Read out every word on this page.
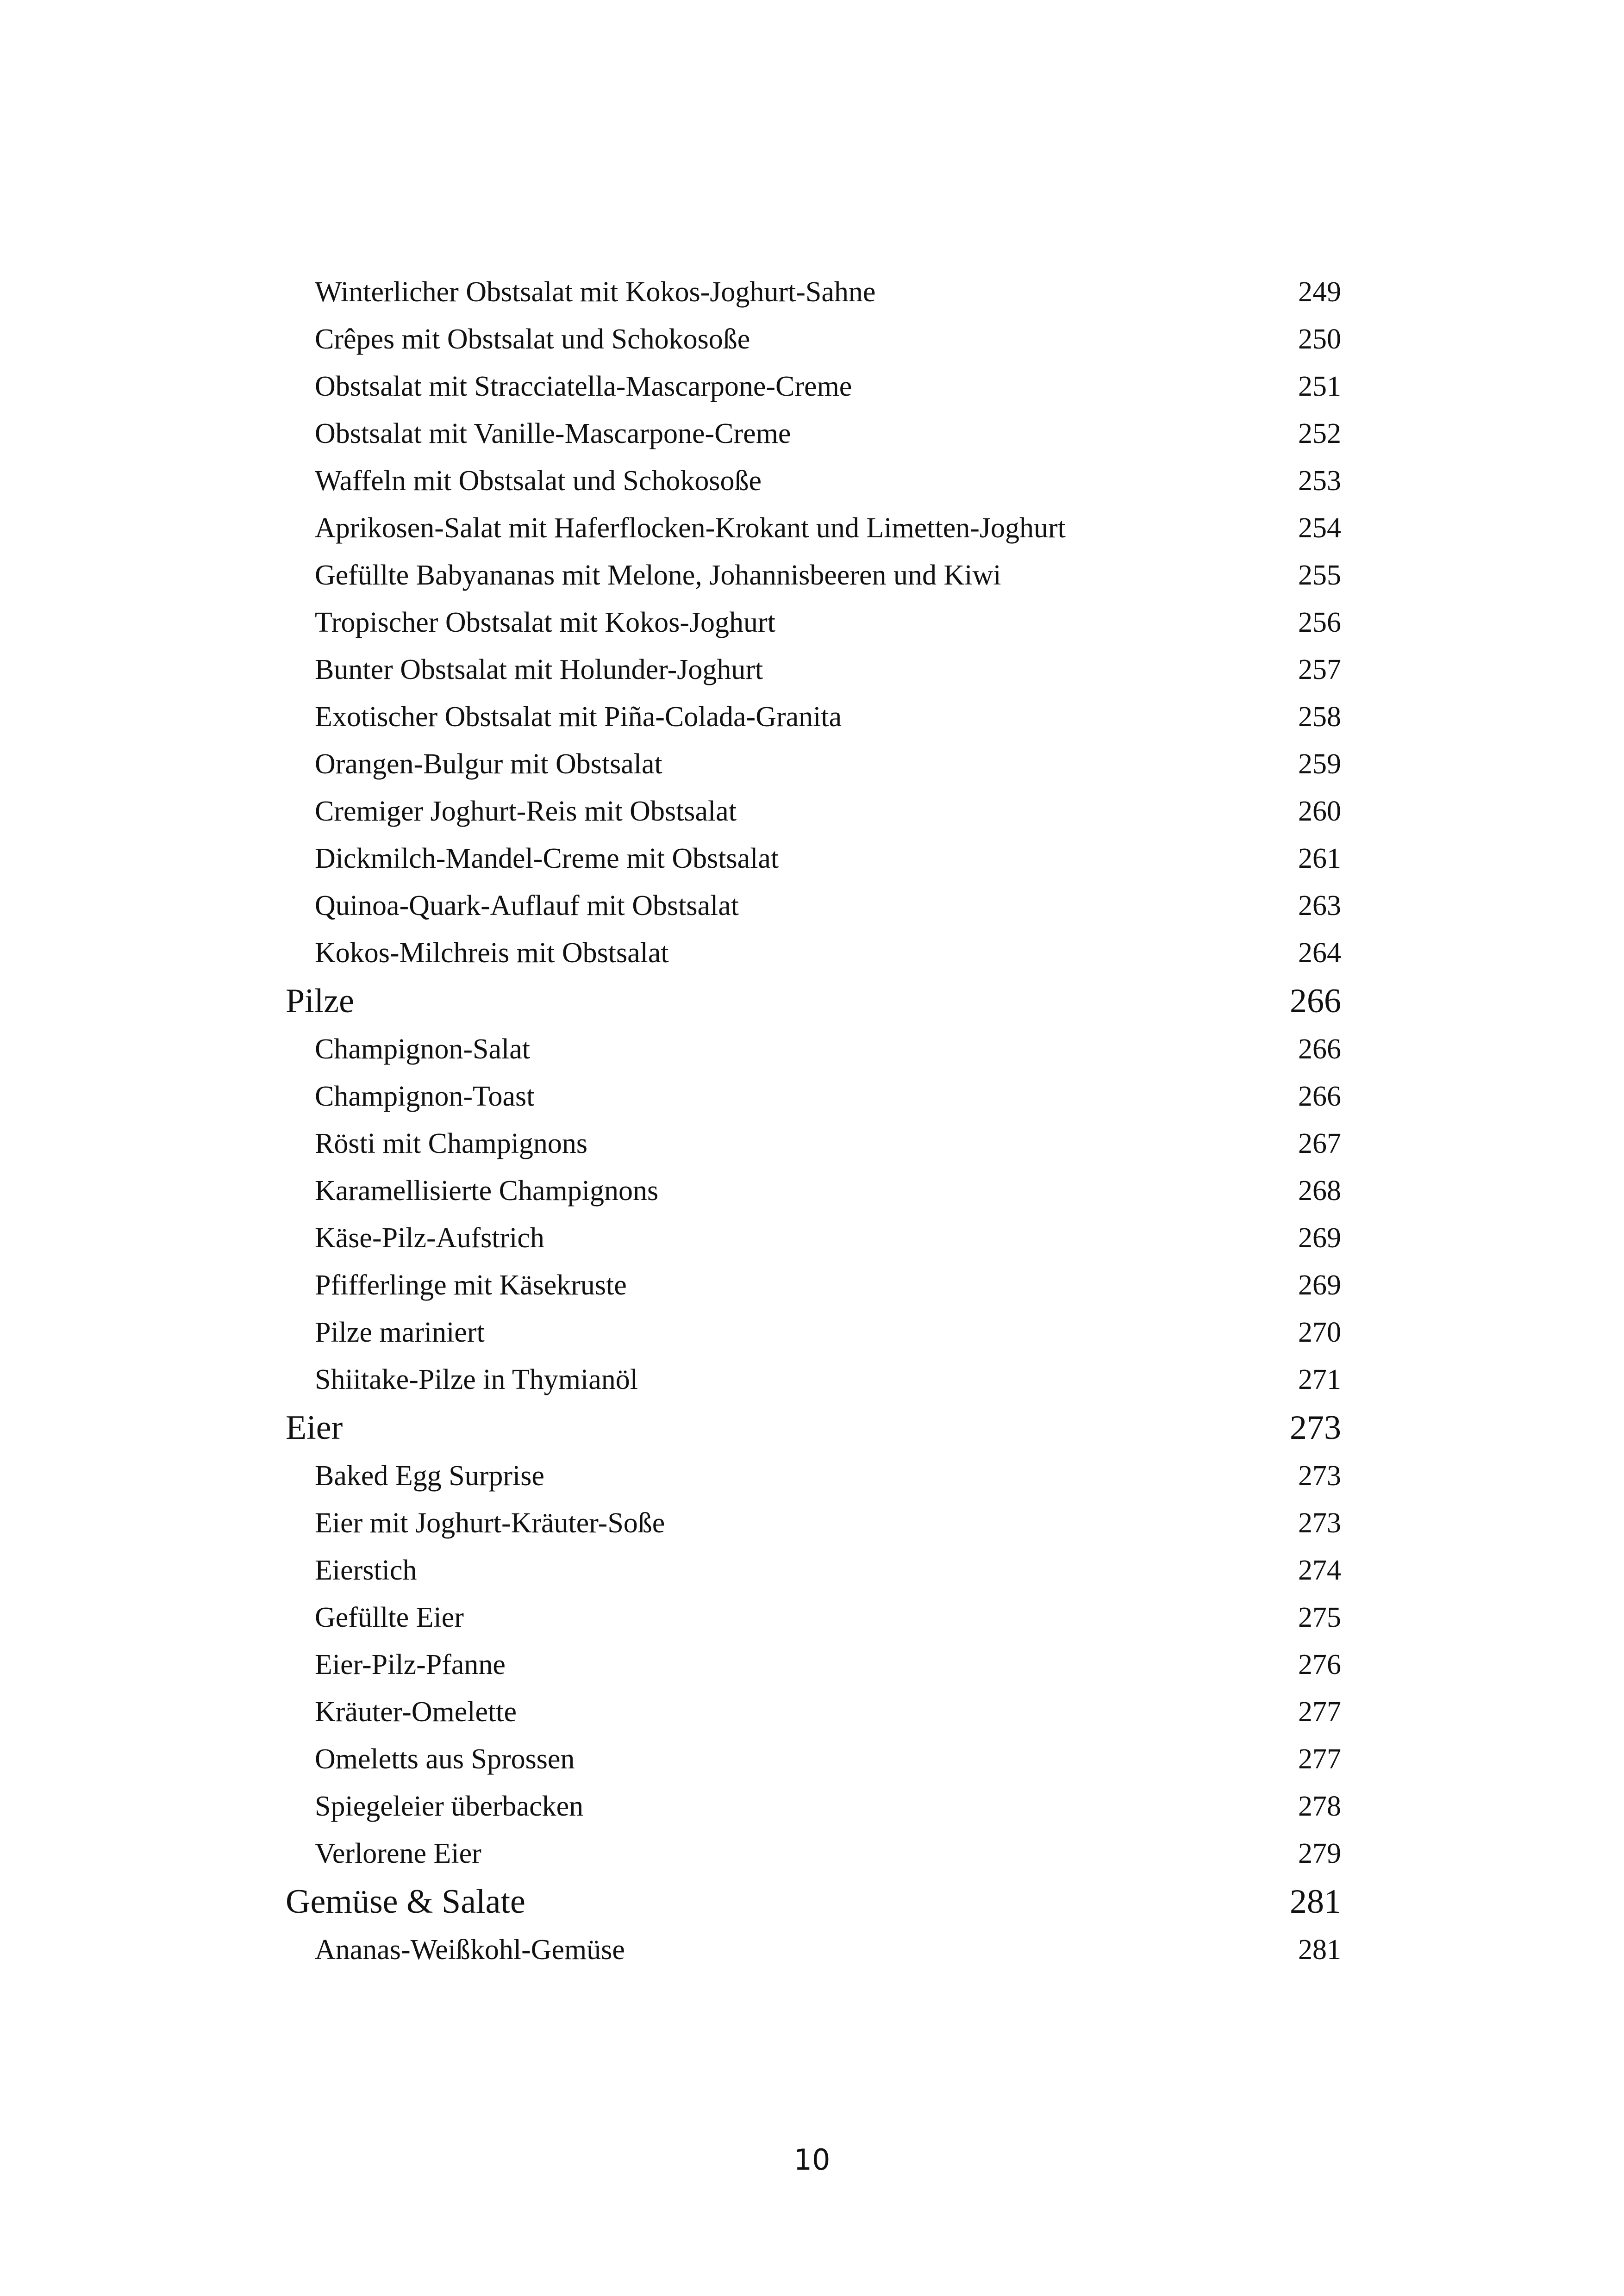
Winterlicher Obstsalat mit Kokos-Joghurt-Sahne	249
Crêpes mit Obstsalat und Schokosoße	250
Obstsalat mit Stracciatella-Mascarpone-Creme	251
Obstsalat mit Vanille-Mascarpone-Creme	252
Waffeln mit Obstsalat und Schokosoße	253
Aprikosen-Salat mit Haferflocken-Krokant und Limetten-Joghurt	254
Gefüllte Babyananas mit Melone, Johannisbeeren und Kiwi	255
Tropischer Obstsalat mit Kokos-Joghurt	256
Bunter Obstsalat mit Holunder-Joghurt	257
Exotischer Obstsalat mit Piña-Colada-Granita	258
Orangen-Bulgur mit Obstsalat	259
Cremiger Joghurt-Reis mit Obstsalat	260
Dickmilch-Mandel-Creme mit Obstsalat	261
Quinoa-Quark-Auflauf mit Obstsalat	263
Kokos-Milchreis mit Obstsalat	264
Pilze	266
Champignon-Salat	266
Champignon-Toast	266
Rösti mit Champignons	267
Karamellisierte Champignons	268
Käse-Pilz-Aufstrich	269
Pfifferlinge mit Käsekruste	269
Pilze mariniert	270
Shiitake-Pilze in Thymianöl	271
Eier	273
Baked Egg Surprise	273
Eier mit Joghurt-Kräuter-Soße	273
Eierstich	274
Gefüllte Eier	275
Eier-Pilz-Pfanne	276
Kräuter-Omelette	277
Omeletts aus Sprossen	277
Spiegeleier überbacken	278
Verlorene Eier	279
Gemüse & Salate	281
Ananas-Weißkohl-Gemüse	281
10
